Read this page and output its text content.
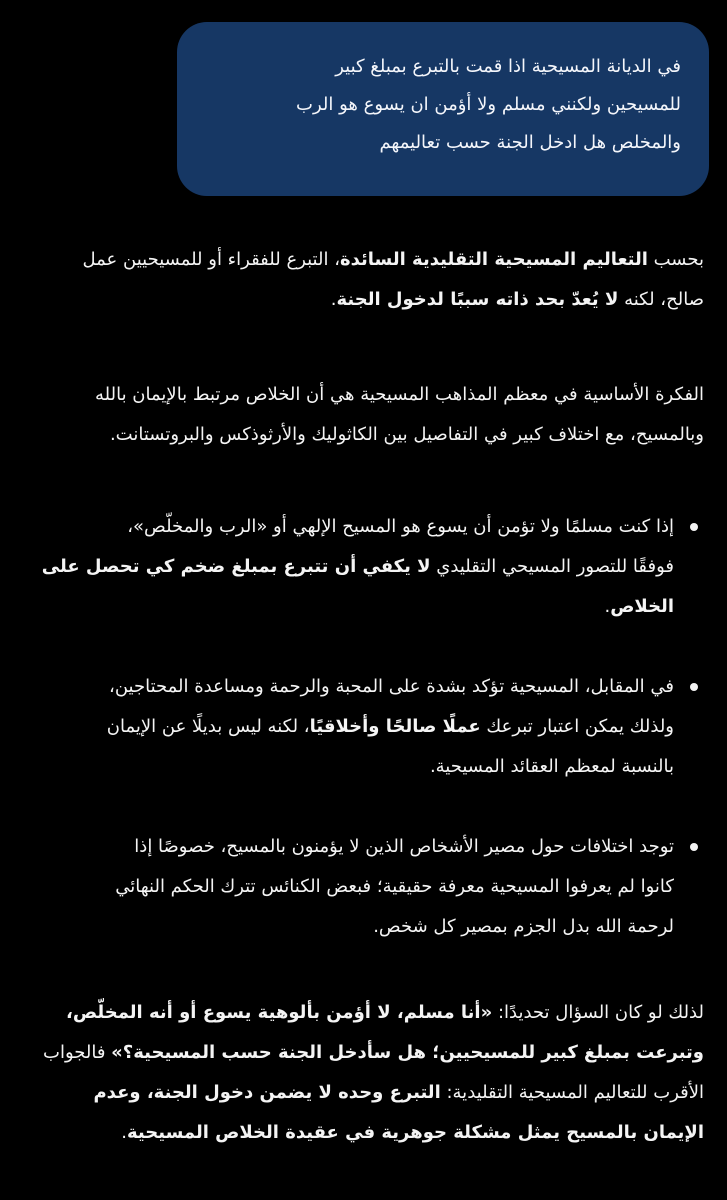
في الديانة المسيحية اذا قمت بالتبرع بمبلغ كبير
للمسيحين ولكنني مسلم ولا أؤمن ان يسوع هو الرب
والمخلص هل ادخل الجنة حسب تعاليمهم
بحسب التعاليم المسيحية التقليدية السائدة، التبرع للفقراء أو للمسيحيين عمل
صالح، لكنه لا يُعدّ بحد ذاته سببًا لدخول الجنة.
الفكرة الأساسية في معظم المذاهب المسيحية هي أن الخلاص مرتبط بالإيمان بالله
وبالمسيح، مع اختلاف كبير في التفاصيل بين الكاثوليك والأرثوذكس والبروتستانت.
إذا كنت مسلمًا ولا تؤمن أن يسوع هو المسيح الإلهي أو «الرب والمخلّص»،
فوفقًا للتصور المسيحي التقليدي لا يكفي أن تتبرع بمبلغ ضخم كي تحصل على
الخلاص.
في المقابل، المسيحية تؤكد بشدة على المحبة والرحمة ومساعدة المحتاجين،
ولذلك يمكن اعتبار تبرعك عملًا صالحًا وأخلاقيًا، لكنه ليس بديلًا عن الإيمان
بالنسبة لمعظم العقائد المسيحية.
توجد اختلافات حول مصير الأشخاص الذين لا يؤمنون بالمسيح، خصوصًا إذا
كانوا لم يعرفوا المسيحية معرفة حقيقية؛ فبعض الكنائس تترك الحكم النهائي
لرحمة الله بدل الجزم بمصير كل شخص.
لذلك لو كان السؤال تحديدًا: «أنا مسلم، لا أؤمن بألوهية يسوع أو أنه المخلّص،
وتبرعت بمبلغ كبير للمسيحيين؛ هل سأدخل الجنة حسب المسيحية؟» فالجواب
الأقرب للتعاليم المسيحية التقليدية: التبرع وحده لا يضمن دخول الجنة، وعدم
الإيمان بالمسيح يمثل مشكلة جوهرية في عقيدة الخلاص المسيحية.
